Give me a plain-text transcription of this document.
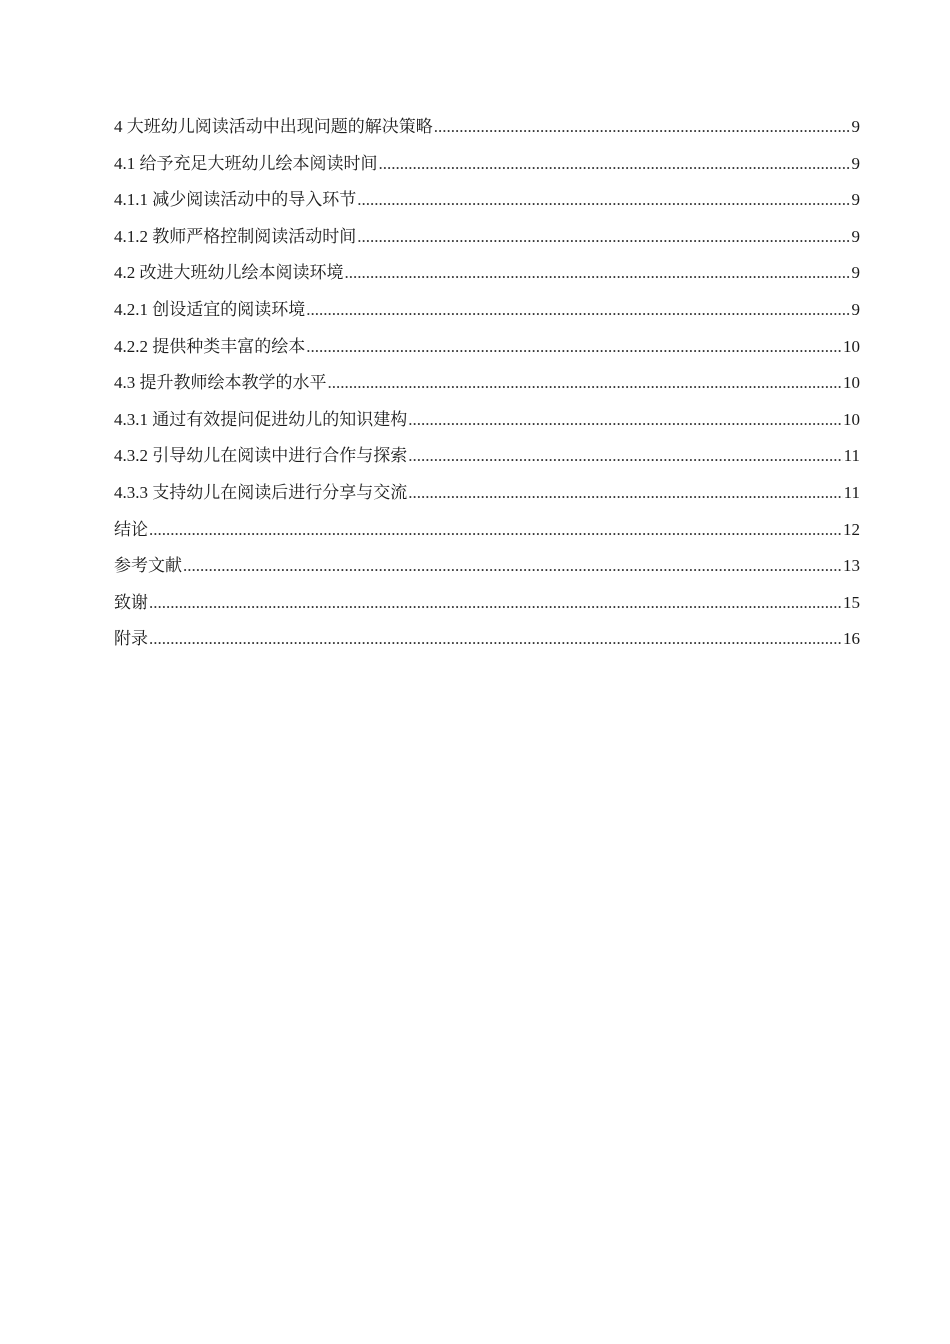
4 大班幼儿阅读活动中出现问题的解决策略 .....	9
4.1 给予充足大班幼儿绘本阅读时间 .....	9
4.1.1 减少阅读活动中的导入环节 .....	9
4.1.2 教师严格控制阅读活动时间 .....	9
4.2 改进大班幼儿绘本阅读环境 .....	9
4.2.1 创设适宜的阅读环境 .....	9
4.2.2 提供种类丰富的绘本 .....	10
4.3 提升教师绘本教学的水平 .....	10
4.3.1 通过有效提问促进幼儿的知识建构 .....	10
4.3.2 引导幼儿在阅读中进行合作与探索 .....	11
4.3.3 支持幼儿在阅读后进行分享与交流 .....	11
结论 .....	12
参考文献 .....	13
致谢 .....	15
附录 .....	16
